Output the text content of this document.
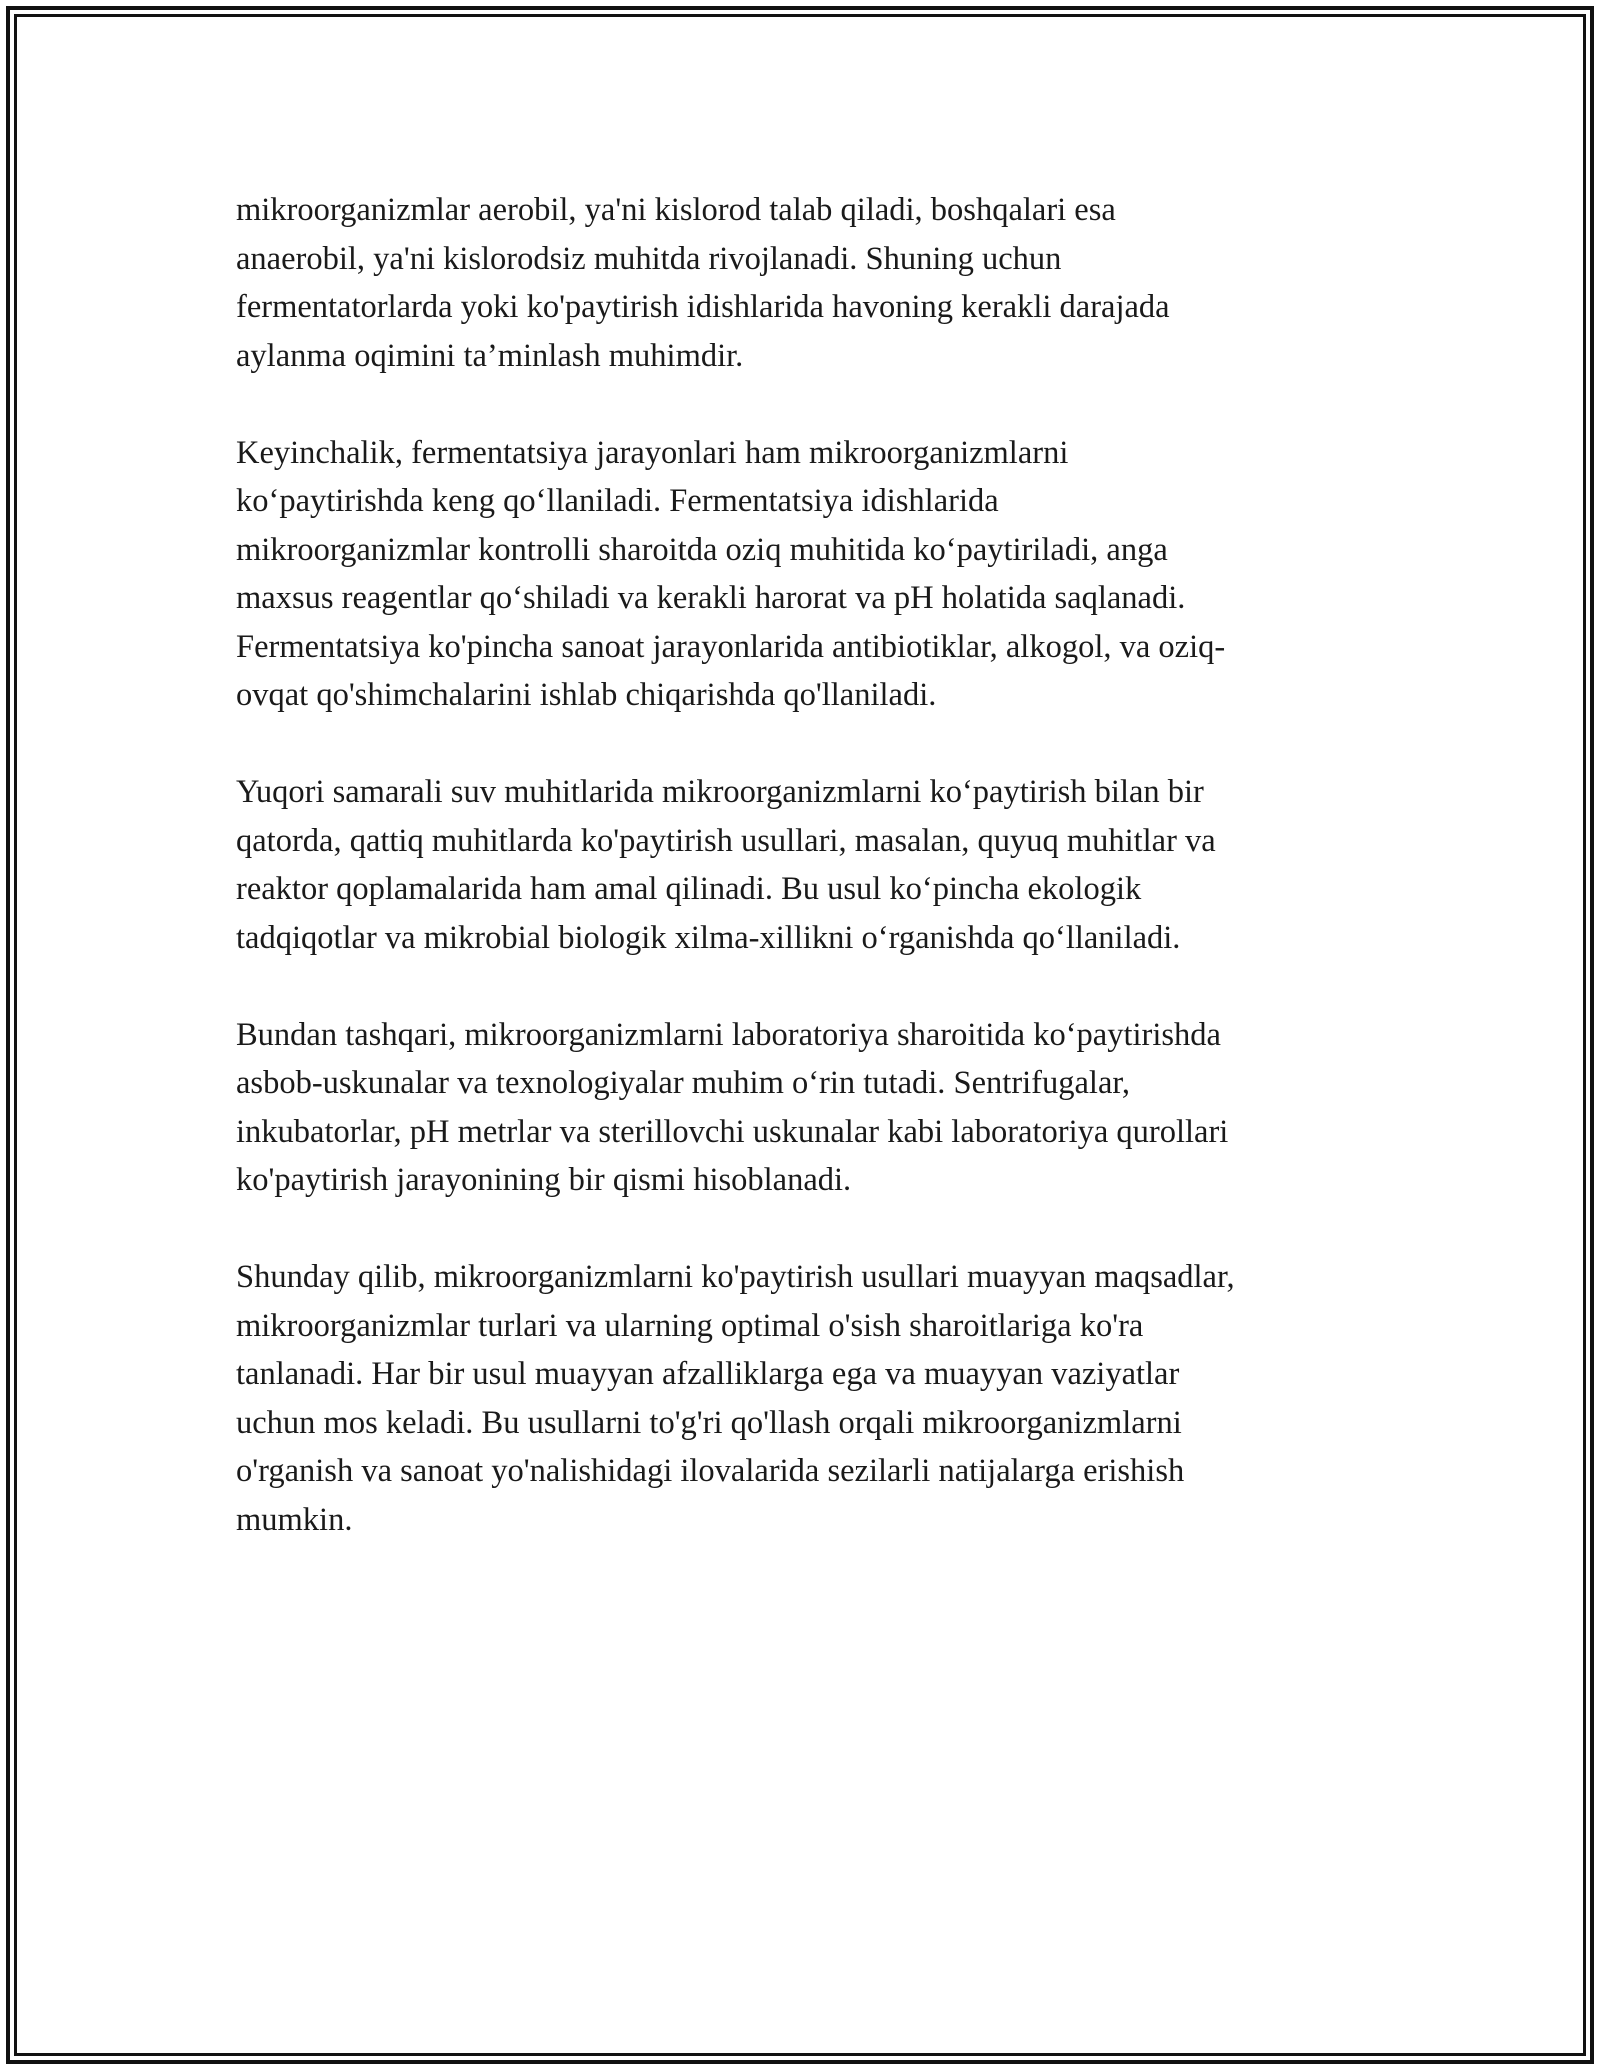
mikroorganizmlar aerobil, ya'ni kislorod talab qiladi, boshqalari esa
anaerobil, ya'ni kislorodsiz muhitda rivojlanadi. Shuning uchun
fermentatorlarda yoki ko'paytirish idishlarida havoning kerakli darajada
aylanma oqimini ta’minlash muhimdir.

Keyinchalik, fermentatsiya jarayonlari ham mikroorganizmlarni
ko‘paytirishda keng qo‘llaniladi. Fermentatsiya idishlarida
mikroorganizmlar kontrolli sharoitda oziq muhitida ko‘paytiriladi, anga
maxsus reagentlar qo‘shiladi va kerakli harorat va pH holatida saqlanadi.
Fermentatsiya ko'pincha sanoat jarayonlarida antibiotiklar, alkogol, va oziq-
ovqat qo'shimchalarini ishlab chiqarishda qo'llaniladi.

Yuqori samarali suv muhitlarida mikroorganizmlarni ko‘paytirish bilan bir
qatorda, qattiq muhitlarda ko'paytirish usullari, masalan, quyuq muhitlar va
reaktor qoplamalarida ham amal qilinadi. Bu usul ko‘pincha ekologik
tadqiqotlar va mikrobial biologik xilma-xillikni o‘rganishda qo‘llaniladi.

Bundan tashqari, mikroorganizmlarni laboratoriya sharoitida ko‘paytirishda
asbob-uskunalar va texnologiyalar muhim o‘rin tutadi. Sentrifugalar,
inkubatorlar, pH metrlar va sterillovchi uskunalar kabi laboratoriya qurollari
ko'paytirish jarayonining bir qismi hisoblanadi.

Shunday qilib, mikroorganizmlarni ko'paytirish usullari muayyan maqsadlar,
mikroorganizmlar turlari va ularning optimal o'sish sharoitlariga ko'ra
tanlanadi. Har bir usul muayyan afzalliklarga ega va muayyan vaziyatlar
uchun mos keladi. Bu usullarni to'g'ri qo'llash orqali mikroorganizmlarni
o'rganish va sanoat yo'nalishidagi ilovalarida sezilarli natijalarga erishish
mumkin.
